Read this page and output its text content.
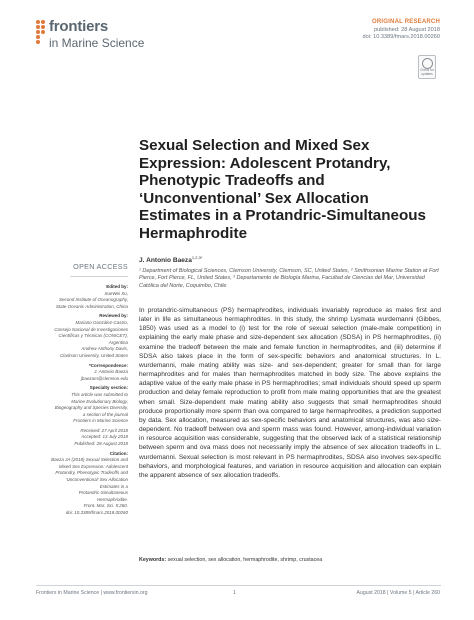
frontiers
in Marine Science
ORIGINAL RESEARCH
published: 28 August 2018
doi: 10.3389/fmars.2018.00260
Check for updates
Sexual Selection and Mixed Sex Expression: Adolescent Protandry, Phenotypic Tradeoffs and ‘Unconventional’ Sex Allocation Estimates in a Protandric-Simultaneous Hermaphrodite
J. Antonio Baeza$^{1,2,3*}$
¹ Department of Biological Sciences, Clemson University, Clemson, SC, United States, ² Smithsonian Marine Station at Fort Pierce, Fort Pierce, FL, United States, ³ Departamento de Biología Marina, Facultad de Ciencias del Mar, Universidad Católica del Norte, Coquimbo, Chile
OPEN ACCESS
Edited by:
XueWei Xu,
Second Institute of Oceanography,
State Oceanic Administration, China
Reviewed by:
Mariano González-Castro,
Consejo Nacional de Investigaciones
Científicas y Técnicas (CONICET),
Argentina
Andrew Anthony Davis,
Clarkson University, United States
*Correspondence:
J. Antonio Baeza
jbaezam@clemson.edu
Specialty section:
This article was submitted to
Marine Evolutionary Biology,
Biogeography and Species Diversity,
a section of the journal
Frontiers in Marine Science
Received: 27 April 2018
Accepted: 13 July 2018
Published: 28 August 2018
Citation:
Baeza JA (2018) Sexual Selection and
Mixed Sex Expression: Adolescent
Protandry, Phenotypic Tradeoffs and
‘Unconventional’ Sex Allocation
Estimates in a
Protandric-Simultaneous
Hermaphrodite.
Front. Mar. Sci. 5:260.
doi: 10.3389/fmars.2018.00260
In protandric-simultaneous (PS) hermaphrodites, individuals invariably reproduce as males first and later in life as simultaneous hermaphrodites. In this study, the shrimp Lysmata wurdemanni (Gibbes, 1850) was used as a model to (i) test for the role of sexual selection (male-male competition) in explaining the early male phase and size-dependent sex allocation (SDSA) in PS hermaphrodites, (ii) examine the tradeoff between the male and female function in hermaphrodites, and (iii) determine if SDSA also takes place in the form of sex-specific behaviors and anatomical structures. In L. wurdemanni, male mating ability was size- and sex-dependent; greater for small than for large hermaphrodites and for males than hermaphrodites matched in body size. The above explains the adaptive value of the early male phase in PS hermaphrodites; small individuals should speed up sperm production and delay female reproduction to profit from male mating opportunities that are the greatest when small. Size-dependent male mating ability also suggests that small hermaphrodites should produce proportionally more sperm than ova compared to large hermaphrodites, a prediction supported by data. Sex allocation, measured as sex-specific behaviors and anatomical structures, was also size-dependent. No tradeoff between ova and sperm mass was found. However, among-individual variation in resource acquisition was considerable, suggesting that the observed lack of a statistical relationship between sperm and ova mass does not necessarily imply the absence of sex allocation tradeoffs in L. wurdemanni. Sexual selection is most relevant in PS hermaphrodites, SDSA also involves sex-specific behaviors, and morphological features, and variation in resource acquisition and allocation can explain the apparent absence of sex allocation tradeoffs.
Keywords: sexual selection, sex allocation, hermaphrodite, shrimp, crustacea
Frontiers in Marine Science | www.frontiersin.org	1	August 2018 | Volume 5 | Article 260
